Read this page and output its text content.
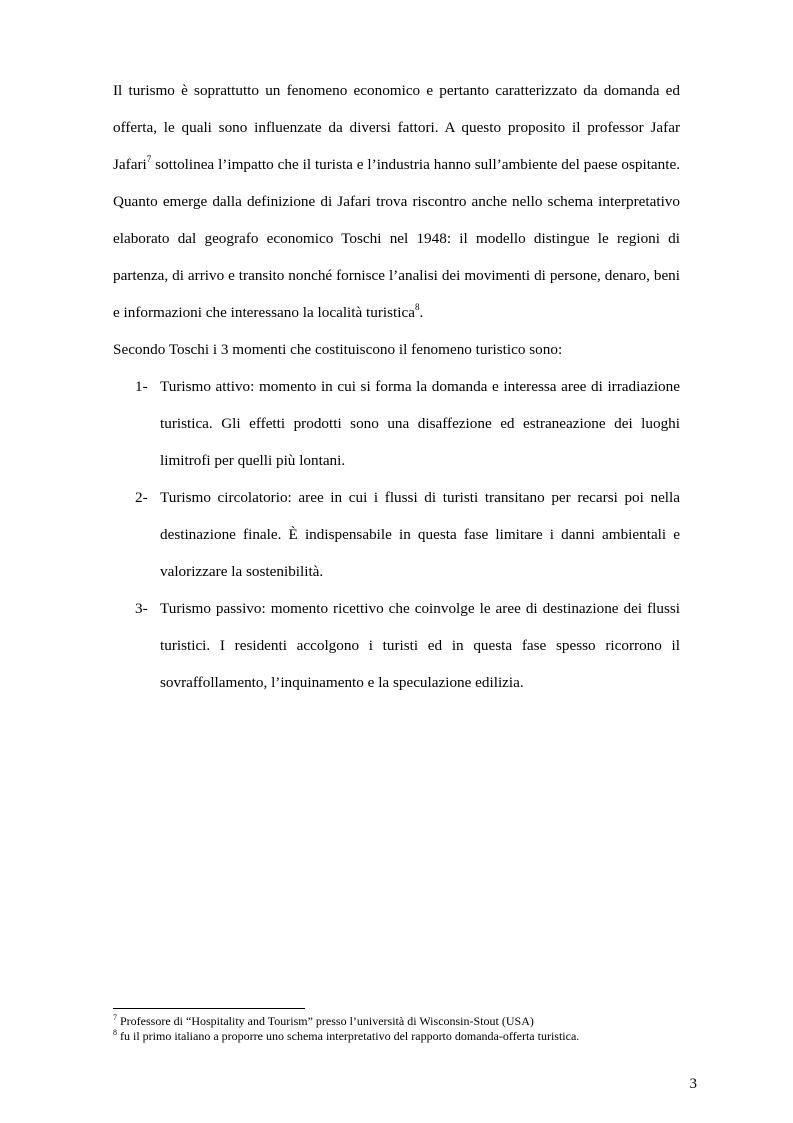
Il turismo è soprattutto un fenomeno economico e pertanto caratterizzato da domanda ed offerta, le quali sono influenzate da diversi fattori. A questo proposito il professor Jafar Jafari$^7$ sottolinea l’impatto che il turista e l’industria hanno sull’ambiente del paese ospitante. Quanto emerge dalla definizione di Jafari trova riscontro anche nello schema interpretativo elaborato dal geografo economico Toschi nel 1948: il modello distingue le regioni di partenza, di arrivo e transito nonché fornisce l’analisi dei movimenti di persone, denaro, beni e informazioni che interessano la località turistica$^8$.

Secondo Toschi i 3 momenti che costituiscono il fenomeno turistico sono:

1- Turismo attivo: momento in cui si forma la domanda e interessa aree di irradiazione turistica. Gli effetti prodotti sono una disaffezione ed estraneazione dei luoghi limitrofi per quelli più lontani.
2- Turismo circolatorio: aree in cui i flussi di turisti transitano per recarsi poi nella destinazione finale. È indispensabile in questa fase limitare i danni ambientali e valorizzare la sostenibilità.
3- Turismo passivo: momento ricettivo che coinvolge le aree di destinazione dei flussi turistici. I residenti accolgono i turisti ed in questa fase spesso ricorrono il sovraffollamento, l’inquinamento e la speculazione edilizia.

$^7$ Professore di “Hospitality and Tourism” presso l’università di Wisconsin-Stout (USA)

$^8$ fu il primo italiano a proporre uno schema interpretativo del rapporto domanda-offerta turistica.

3
